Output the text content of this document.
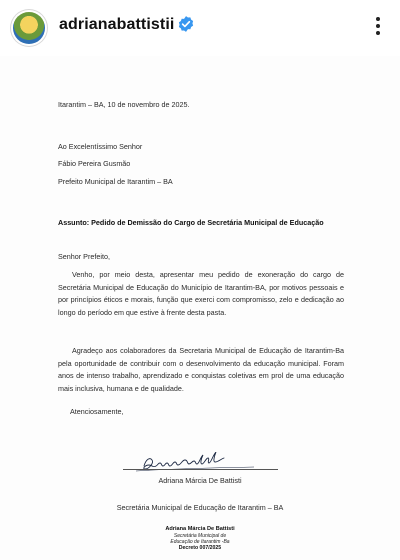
adrianabattistii
Itarantim – BA, 10 de novembro de 2025.
Ao Excelentíssimo Senhor
Fábio Pereira Gusmão
Prefeito Municipal de Itarantim – BA
Assunto: Pedido de Demissão do Cargo de Secretária Municipal de Educação
Senhor Prefeito,
Venho, por meio desta, apresentar meu pedido de exoneração do cargo de Secretária Municipal de Educação do Município de Itarantim-BA, por motivos pessoais e por princípios éticos e morais, função que exerci com compromisso, zelo e dedicação ao longo do período em que estive à frente desta pasta.
Agradeço aos colaboradores da Secretaria Municipal de Educação de Itarantim-Ba pela oportunidade de contribuir com o desenvolvimento da educação municipal. Foram anos de intenso trabalho, aprendizado e conquistas coletivas em prol de uma educação mais inclusiva, humana e de qualidade.
Atenciosamente,
Adriana Márcia De Battisti
Secretária Municipal de Educação de Itarantim – BA
Adriana Márcia De Battisti
Secretária Municipal de
Educação de Itarantim -Ba
Decreto 007/2025
